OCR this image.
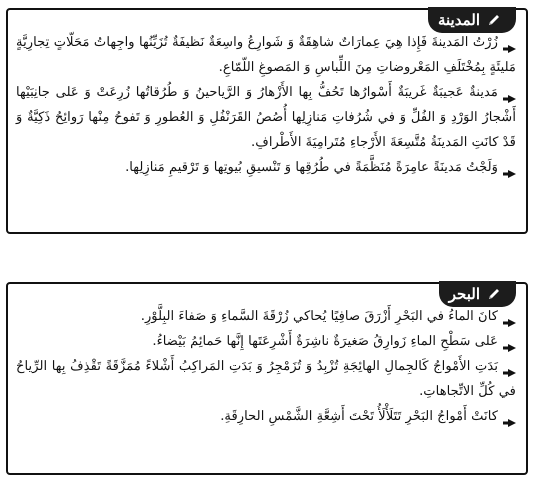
المدينة

زُرْتُ المَدينةَ فَإِذا هِيَ عِمارَاتٌ شاهِقَةٌ وَ شَوارِعُ واسِعَةٌ نَظيفَةٌ تُزَيِّنُها واجِهاتُ مَحَلّاتٍ تِجارِيَّةٍ مَليئَةٍ بِمُخْتَلَفِ المَعْروضاتِ مِنَ اللِّباسِ وَ المَصوغِ اللّمّاعِ.

مَدينةٌ عَجيبَةٌ غَريبَةٌ أَسْوارُها تَحُفُّ بِها الأَزْهارُ وَ الرَّياحينُ وَ طُرُقاتُها زُرِعَتْ وَ عَلى جانِبَيْها أَشْجارُ الوَرْدِ وَ الفُلِّ وَ في شُرُفاتِ مَنازِلِها أُصُصُ القَرَنْفُلِ وَ العُطورِ وَ تَفوحُ مِنْها رَوائِحُ ذَكِيَّةٌ وَ قَدْ كانَتِ المَدينَةُ مُتَّسِعَةَ الأَرْجاءِ مُتَرامِيَةَ الأَطْرافِ.

وَلَجْتُ مَدينَةً عامِرَةً مُنَظَّمَةً في طُرُقِها وَ تَنْسيقِ بُيوتِها وَ تَرْقيمِ مَنازِلِها.

البحر

كانَ الماءُ في البَحْرِ أَزْرَقَ صافِيًا يُحاكي زُرْقَةَ السَّماءِ وَ صَفاءَ البِلَّوْرِ.

عَلى سَطْحِ الماءِ زَوارِقُ صَغيرَةٌ ناشِرَةٌ أَشْرِعَتَها إِنَّها حَمائِمُ بَيْضاءُ.

بَدَتِ الأَمْواجُ كَالجِمالِ الهائِجَةِ تُزْبِدُ وَ تُزَمْجِرُ وَ بَدَتِ المَراكِبُ أَشْلاءً مُمَزَّقَةً تَقْذِفُ بِها الرِّياحُ في كُلِّ الاتِّجاهاتِ.

كانَتْ أَمْواجُ البَحْرِ تَتَلَأْلَأُ تَحْتَ أَشِعَّةِ الشَّمْسِ الحارِقَةِ.
